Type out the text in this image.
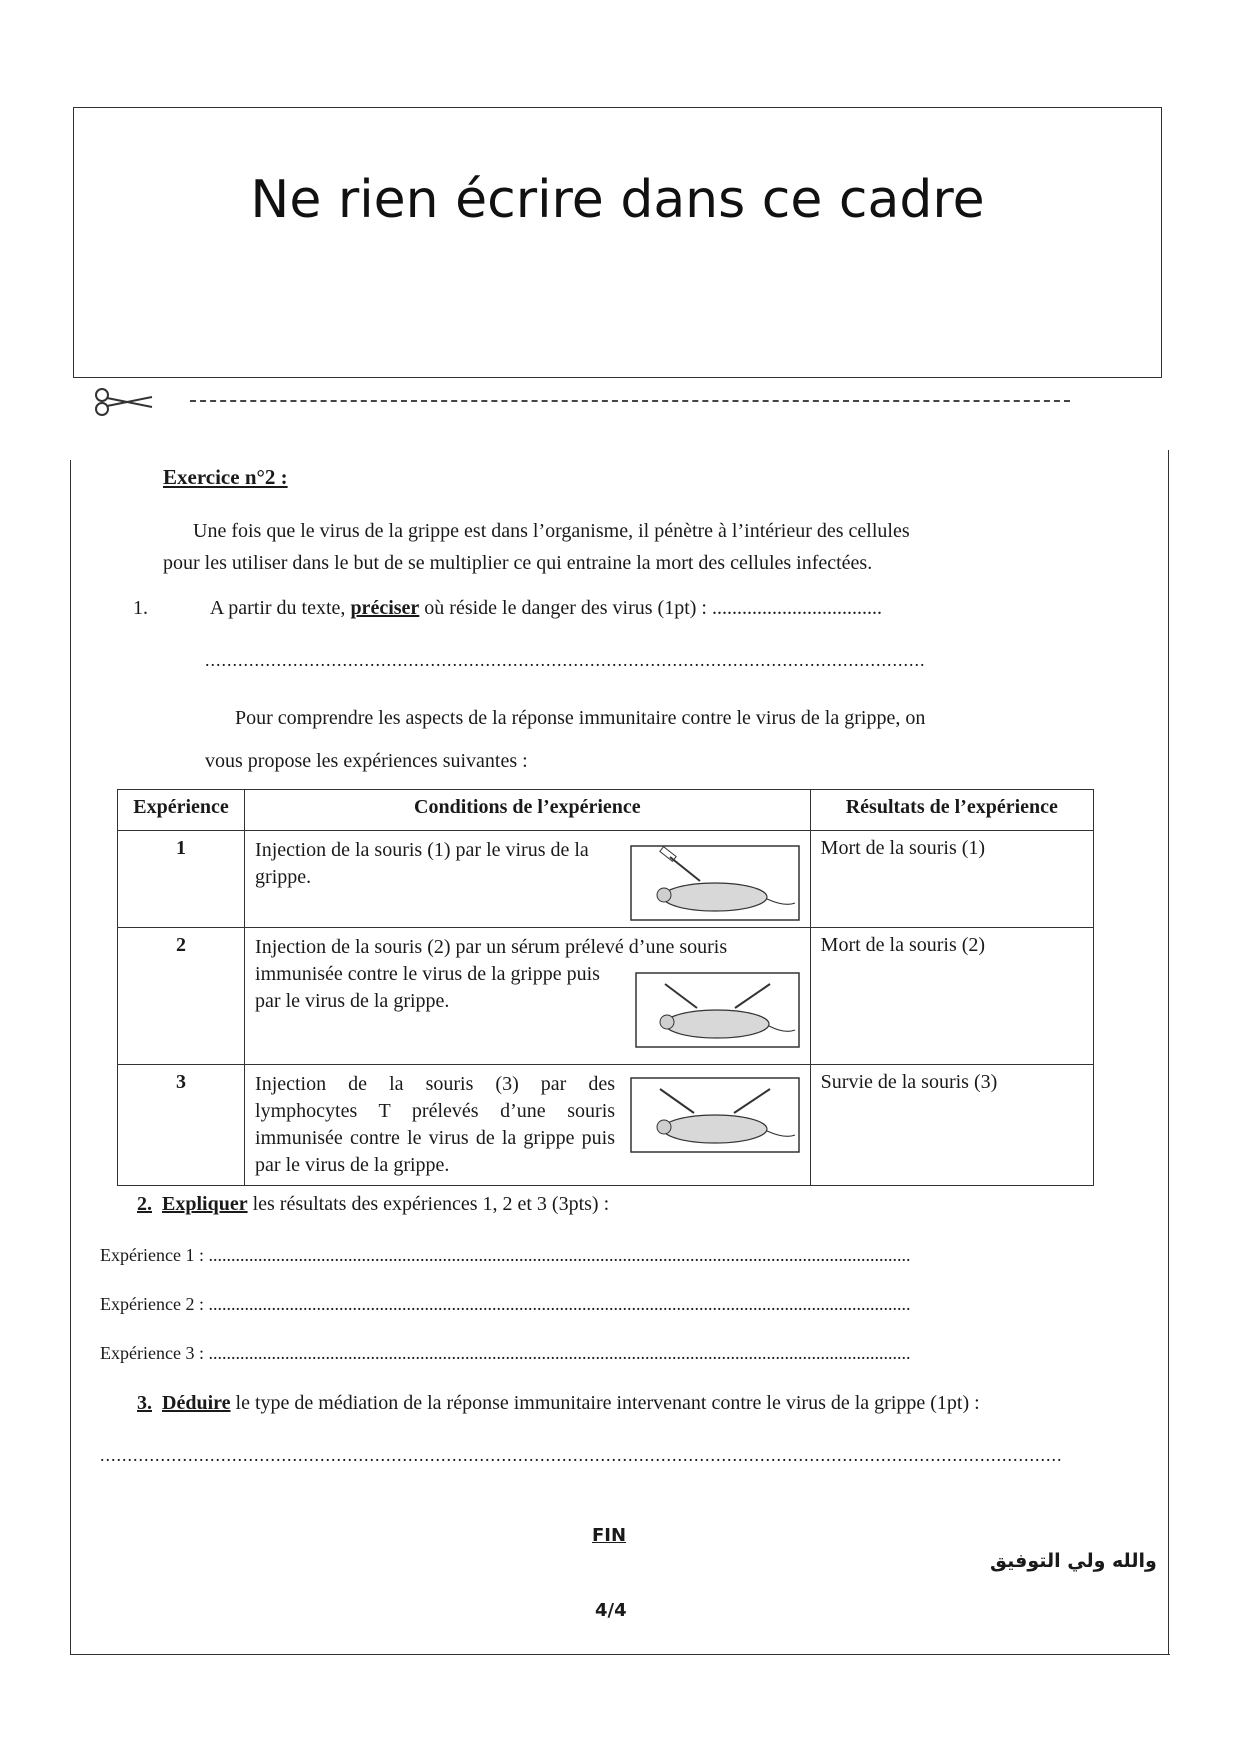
Ne rien écrire dans ce cadre
Exercice n°2 :
Une fois que le virus de la grippe est dans l’organisme, il pénètre à l’intérieur des cellules
pour les utiliser dans le but de se multiplier ce qui entraine la mort des cellules infectées.
1.	A partir du texte, préciser où réside le danger des virus (1pt) : ..................................
...................................................................................................................................
Pour comprendre les aspects de la réponse immunitaire contre le virus de la grippe, on
vous propose les expériences suivantes :
Expérience	Conditions de l’expérience	Résultats de l’expérience
1	Injection de la souris (1) par le virus de la grippe.	Mort de la souris (1)
2	Injection de la souris (2) par un sérum prélevé d’une souris
immunisée contre le virus de la grippe puis par le virus de la grippe.	Mort de la souris (2)
3	Injection de la souris (3) par des lymphocytes T prélevés d’une souris immunisée contre le virus de la grippe puis par le virus de la grippe.	Survie de la souris (3)
2. Expliquer les résultats des expériences 1, 2 et 3 (3pts) :
Expérience 1 : ............................................................................................................................................................
Expérience 2 : ............................................................................................................................................................
Expérience 3 : ............................................................................................................................................................
3. Déduire le type de médiation de la réponse immunitaire intervenant contre le virus de la grippe (1pt) :
...............................................................................................................................................................................
FIN
والله ولي التوفيق
4/4
